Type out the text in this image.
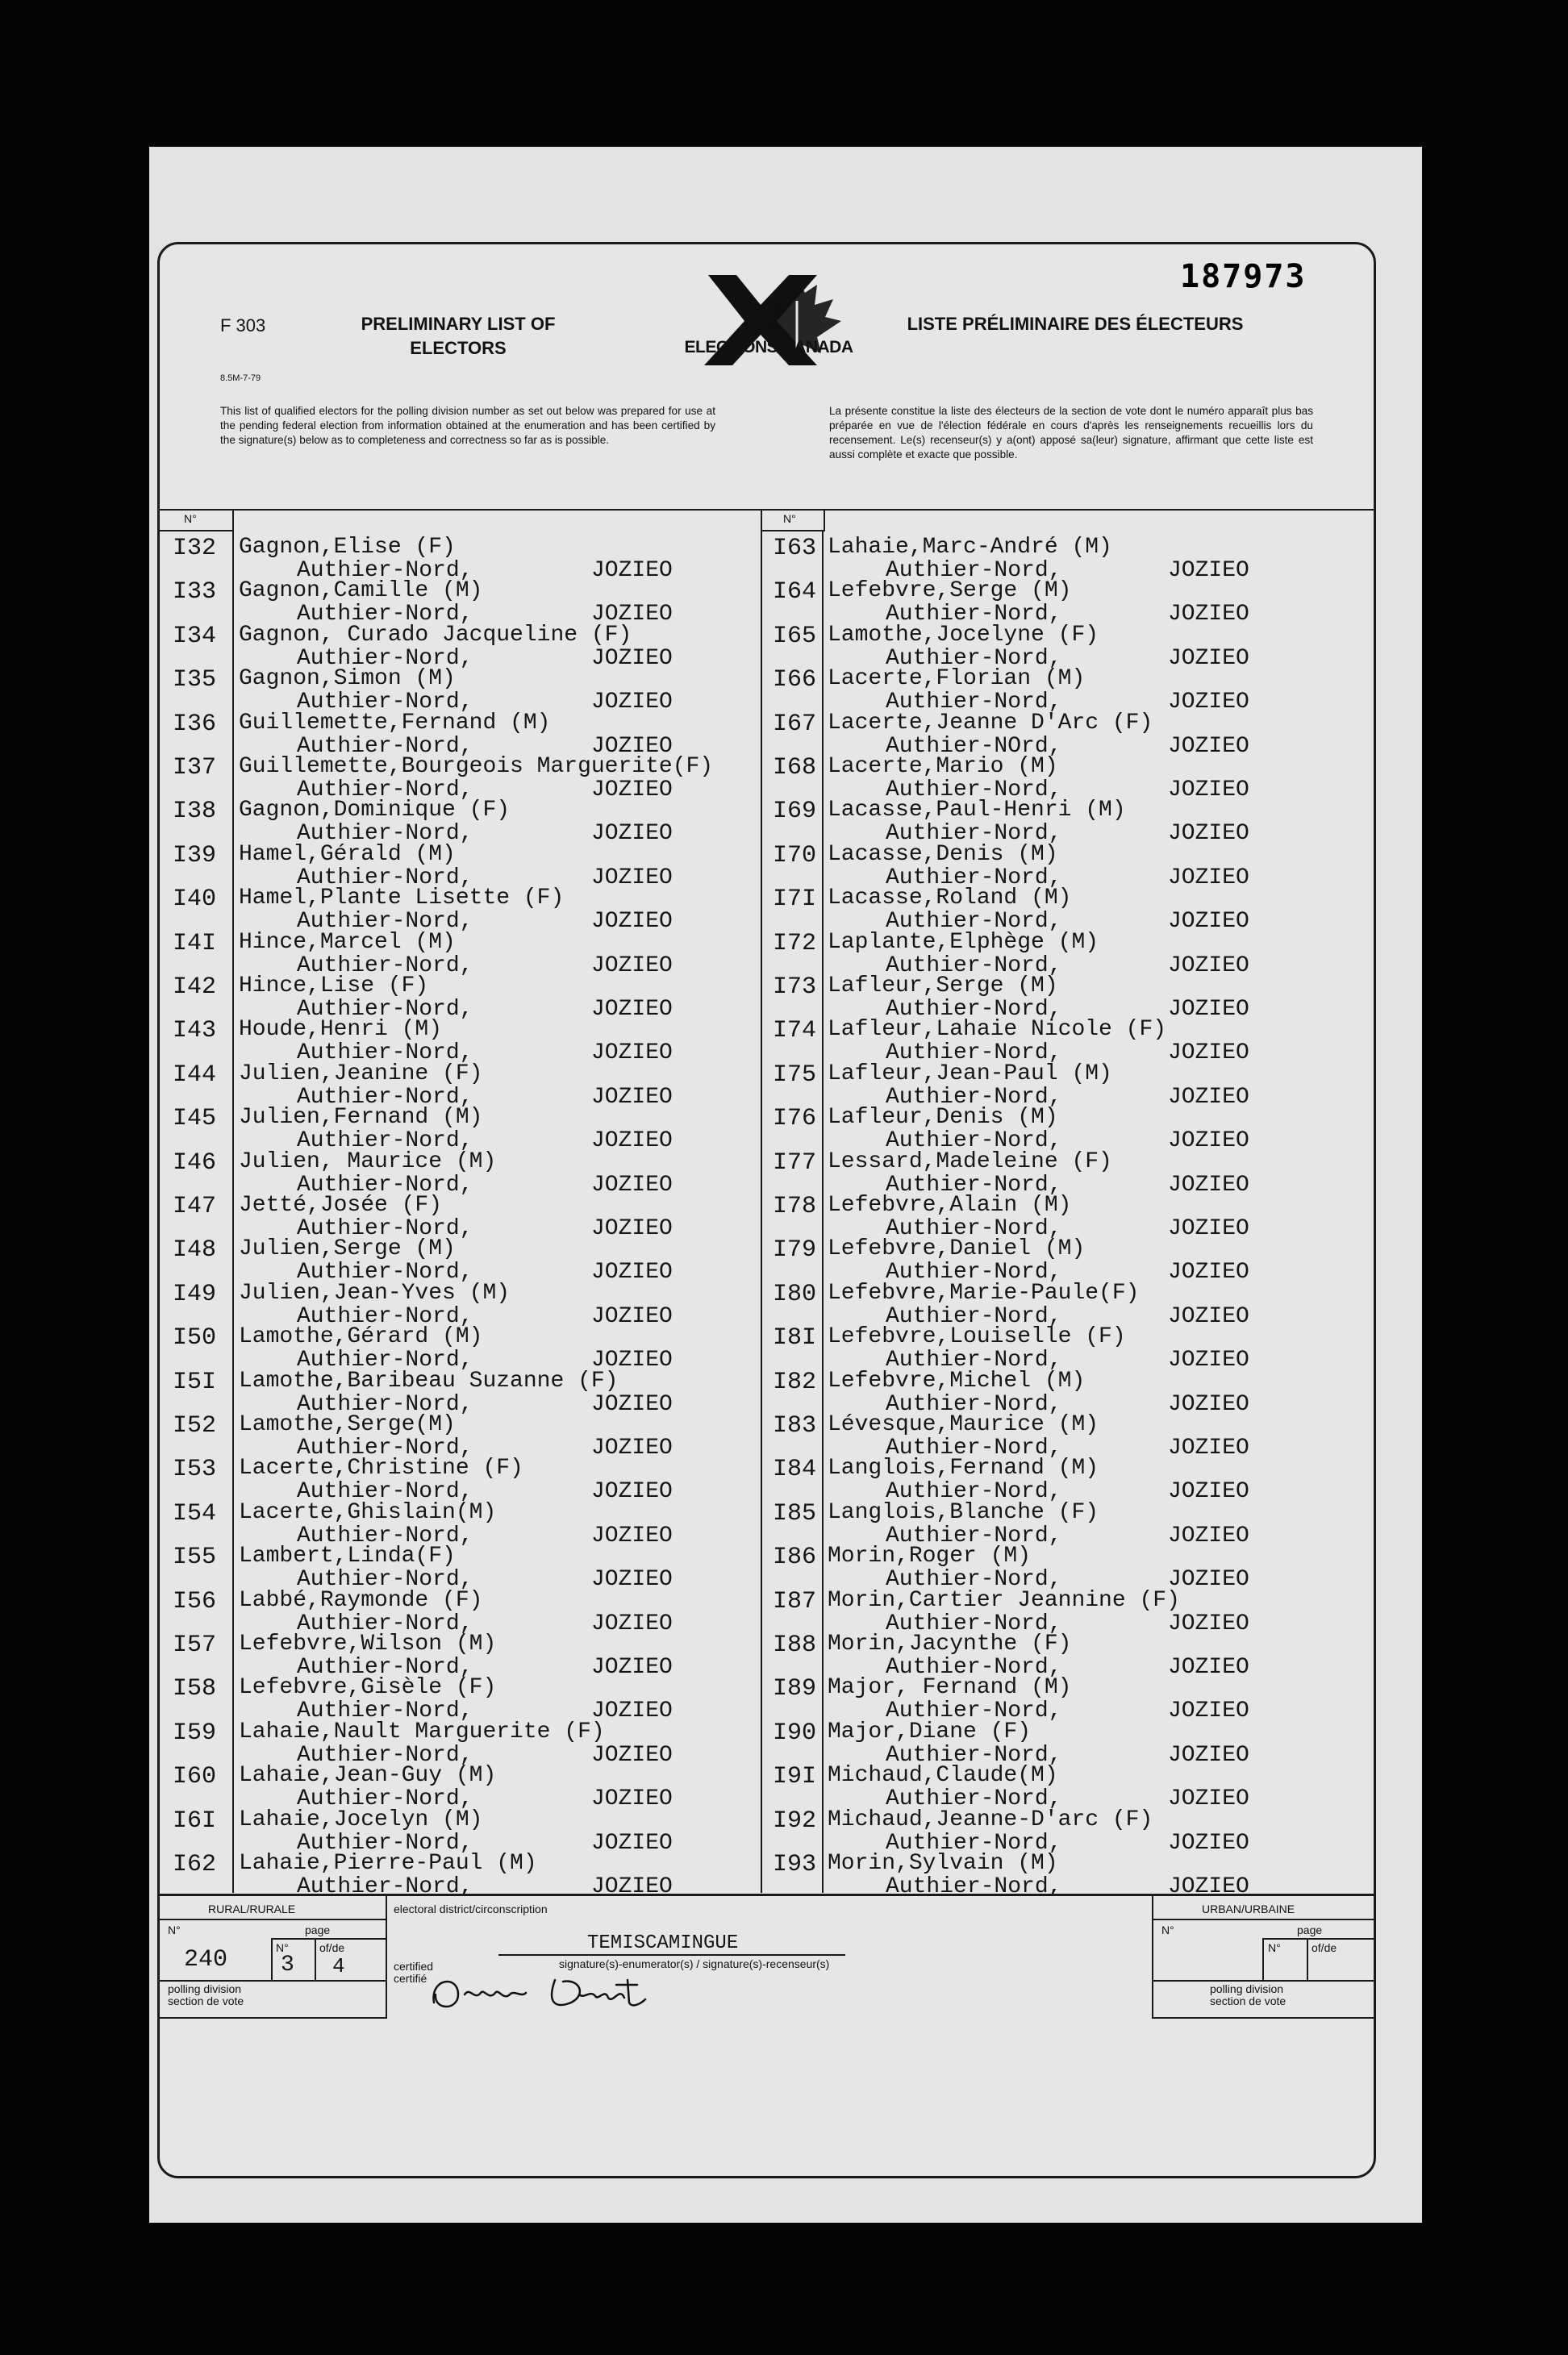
187973
F 303
8.5M-7-79
PRELIMINARY LIST OF ELECTORS
LISTE PRÉLIMINAIRE DES ÉLECTEURS
ELECTIONS CANADA
This list of qualified electors for the polling division number as set out below was prepared for use at the pending federal election from information obtained at the enumeration and has been certified by the signature(s) below as to completeness and correctness so far as is possible.
La présente constitue la liste des électeurs de la section de vote dont le numéro apparaît plus bas préparée en vue de l'élection fédérale en cours d'après les renseignements recueillis lors du recensement. Le(s) recenseur(s) y a(ont) apposé sa(leur) signature, affirmant que cette liste est aussi complète et exacte que possible.
N°	N°
I32 Gagnon,Elise (F)
Authier-Nord,	JOZIEO
I33 Gagnon,Camille (M)
Authier-Nord,	JOZIEO
I34 Gagnon, Curado Jacqueline (F)
Authier-Nord,	JOZIEO
I35 Gagnon,Simon (M)
Authier-Nord,	JOZIEO
I36 Guillemette,Fernand (M)
Authier-Nord,	JOZIEO
I37 Guillemette,Bourgeois Marguerite(F)
Authier-Nord,	JOZIEO
I38 Gagnon,Dominique (F)
Authier-Nord,	JOZIEO
I39 Hamel,Gérald (M)
Authier-Nord,	JOZIEO
I40 Hamel,Plante Lisette (F)
Authier-Nord,	JOZIEO
I4I Hince,Marcel (M)
Authier-Nord,	JOZIEO
I42 Hince,Lise (F)
Authier-Nord,	JOZIEO
I43 Houde,Henri (M)
Authier-Nord,	JOZIEO
I44 Julien,Jeanine (F)
Authier-Nord,	JOZIEO
I45 Julien,Fernand (M)
Authier-Nord,	JOZIEO
I46 Julien, Maurice (M)
Authier-Nord,	JOZIEO
I47 Jetté,Josée (F)
Authier-Nord,	JOZIEO
I48 Julien,Serge (M)
Authier-Nord,	JOZIEO
I49 Julien,Jean-Yves (M)
Authier-Nord,	JOZIEO
I50 Lamothe,Gérard (M)
Authier-Nord,	JOZIEO
I5I Lamothe,Baribeau Suzanne (F)
Authier-Nord,	JOZIEO
I52 Lamothe,Serge(M)
Authier-Nord,	JOZIEO
I53 Lacerte,Christine (F)
Authier-Nord,	JOZIEO
I54 Lacerte,Ghislain(M)
Authier-Nord,	JOZIEO
I55 Lambert,Linda(F)
Authier-Nord,	JOZIEO
I56 Labbé,Raymonde (F)
Authier-Nord,	JOZIEO
I57 Lefebvre,Wilson (M)
Authier-Nord,	JOZIEO
I58 Lefebvre,Gisèle (F)
Authier-Nord,	JOZIEO
I59 Lahaie,Nault Marguerite (F)
Authier-Nord,	JOZIEO
I60 Lahaie,Jean-Guy (M)
Authier-Nord,	JOZIEO
I6I Lahaie,Jocelyn (M)
Authier-Nord,	JOZIEO
I62 Lahaie,Pierre-Paul (M)
Authier-Nord,	JOZIEO
I63 Lahaie,Marc-André (M)
Authier-Nord,	JOZIEO
I64 Lefebvre,Serge (M)
Authier-Nord,	JOZIEO
I65 Lamothe,Jocelyne (F)
Authier-Nord,	JOZIEO
I66 Lacerte,Florian (M)
Authier-Nord,	JOZIEO
I67 Lacerte,Jeanne D'Arc (F)
Authier-NOrd,	JOZIEO
I68 Lacerte,Mario (M)
Authier-Nord,	JOZIEO
I69 Lacasse,Paul-Henri (M)
Authier-Nord,	JOZIEO
I70 Lacasse,Denis (M)
Authier-Nord,	JOZIEO
I7I Lacasse,Roland (M)
Authier-Nord,	JOZIEO
I72 Laplante,Elphège (M)
Authier-Nord,	JOZIEO
I73 Lafleur,Serge (M)
Authier-Nord,	JOZIEO
I74 Lafleur,Lahaie Nicole (F)
Authier-Nord,	JOZIEO
I75 Lafleur,Jean-Paul (M)
Authier-Nord,	JOZIEO
I76 Lafleur,Denis (M)
Authier-Nord,	JOZIEO
I77 Lessard,Madeleine (F)
Authier-Nord,	JOZIEO
I78 Lefebvre,Alain (M)
Authier-Nord,	JOZIEO
I79 Lefebvre,Daniel (M)
Authier-Nord,	JOZIEO
I80 Lefebvre,Marie-Paule(F)
Authier-Nord,	JOZIEO
I8I Lefebvre,Louiselle (F)
Authier-Nord,	JOZIEO
I82 Lefebvre,Michel (M)
Authier-Nord,	JOZIEO
I83 Lévesque,Maurice (M)
Authier-Nord,	JOZIEO
I84 Langlois,Fernand (M)
Authier-Nord,	JOZIEO
I85 Langlois,Blanche (F)
Authier-Nord,	JOZIEO
I86 Morin,Roger (M)
Authier-Nord,	JOZIEO
I87 Morin,Cartier Jeannine (F)
Authier-Nord,	JOZIEO
I88 Morin,Jacynthe (F)
Authier-Nord,	JOZIEO
I89 Major, Fernand (M)
Authier-Nord,	JOZIEO
I90 Major,Diane (F)
Authier-Nord,	JOZIEO
I9I Michaud,Claude(M)
Authier-Nord,	JOZIEO
I92 Michaud,Jeanne-D'arc (F)
Authier-Nord,	JOZIEO
I93 Morin,Sylvain (M)
Authier-Nord,	JOZIEO
RURAL/RURALE
N°	page
240	N°
3
of/de
4
polling division
section de vote
electoral district/circonscription
TEMISCAMINGUE
certified
certifié
signature(s)-enumerator(s) / signature(s)-recenseur(s)
URBAN/URBAINE
N°	page
N°	of/de
polling division
section de vote
